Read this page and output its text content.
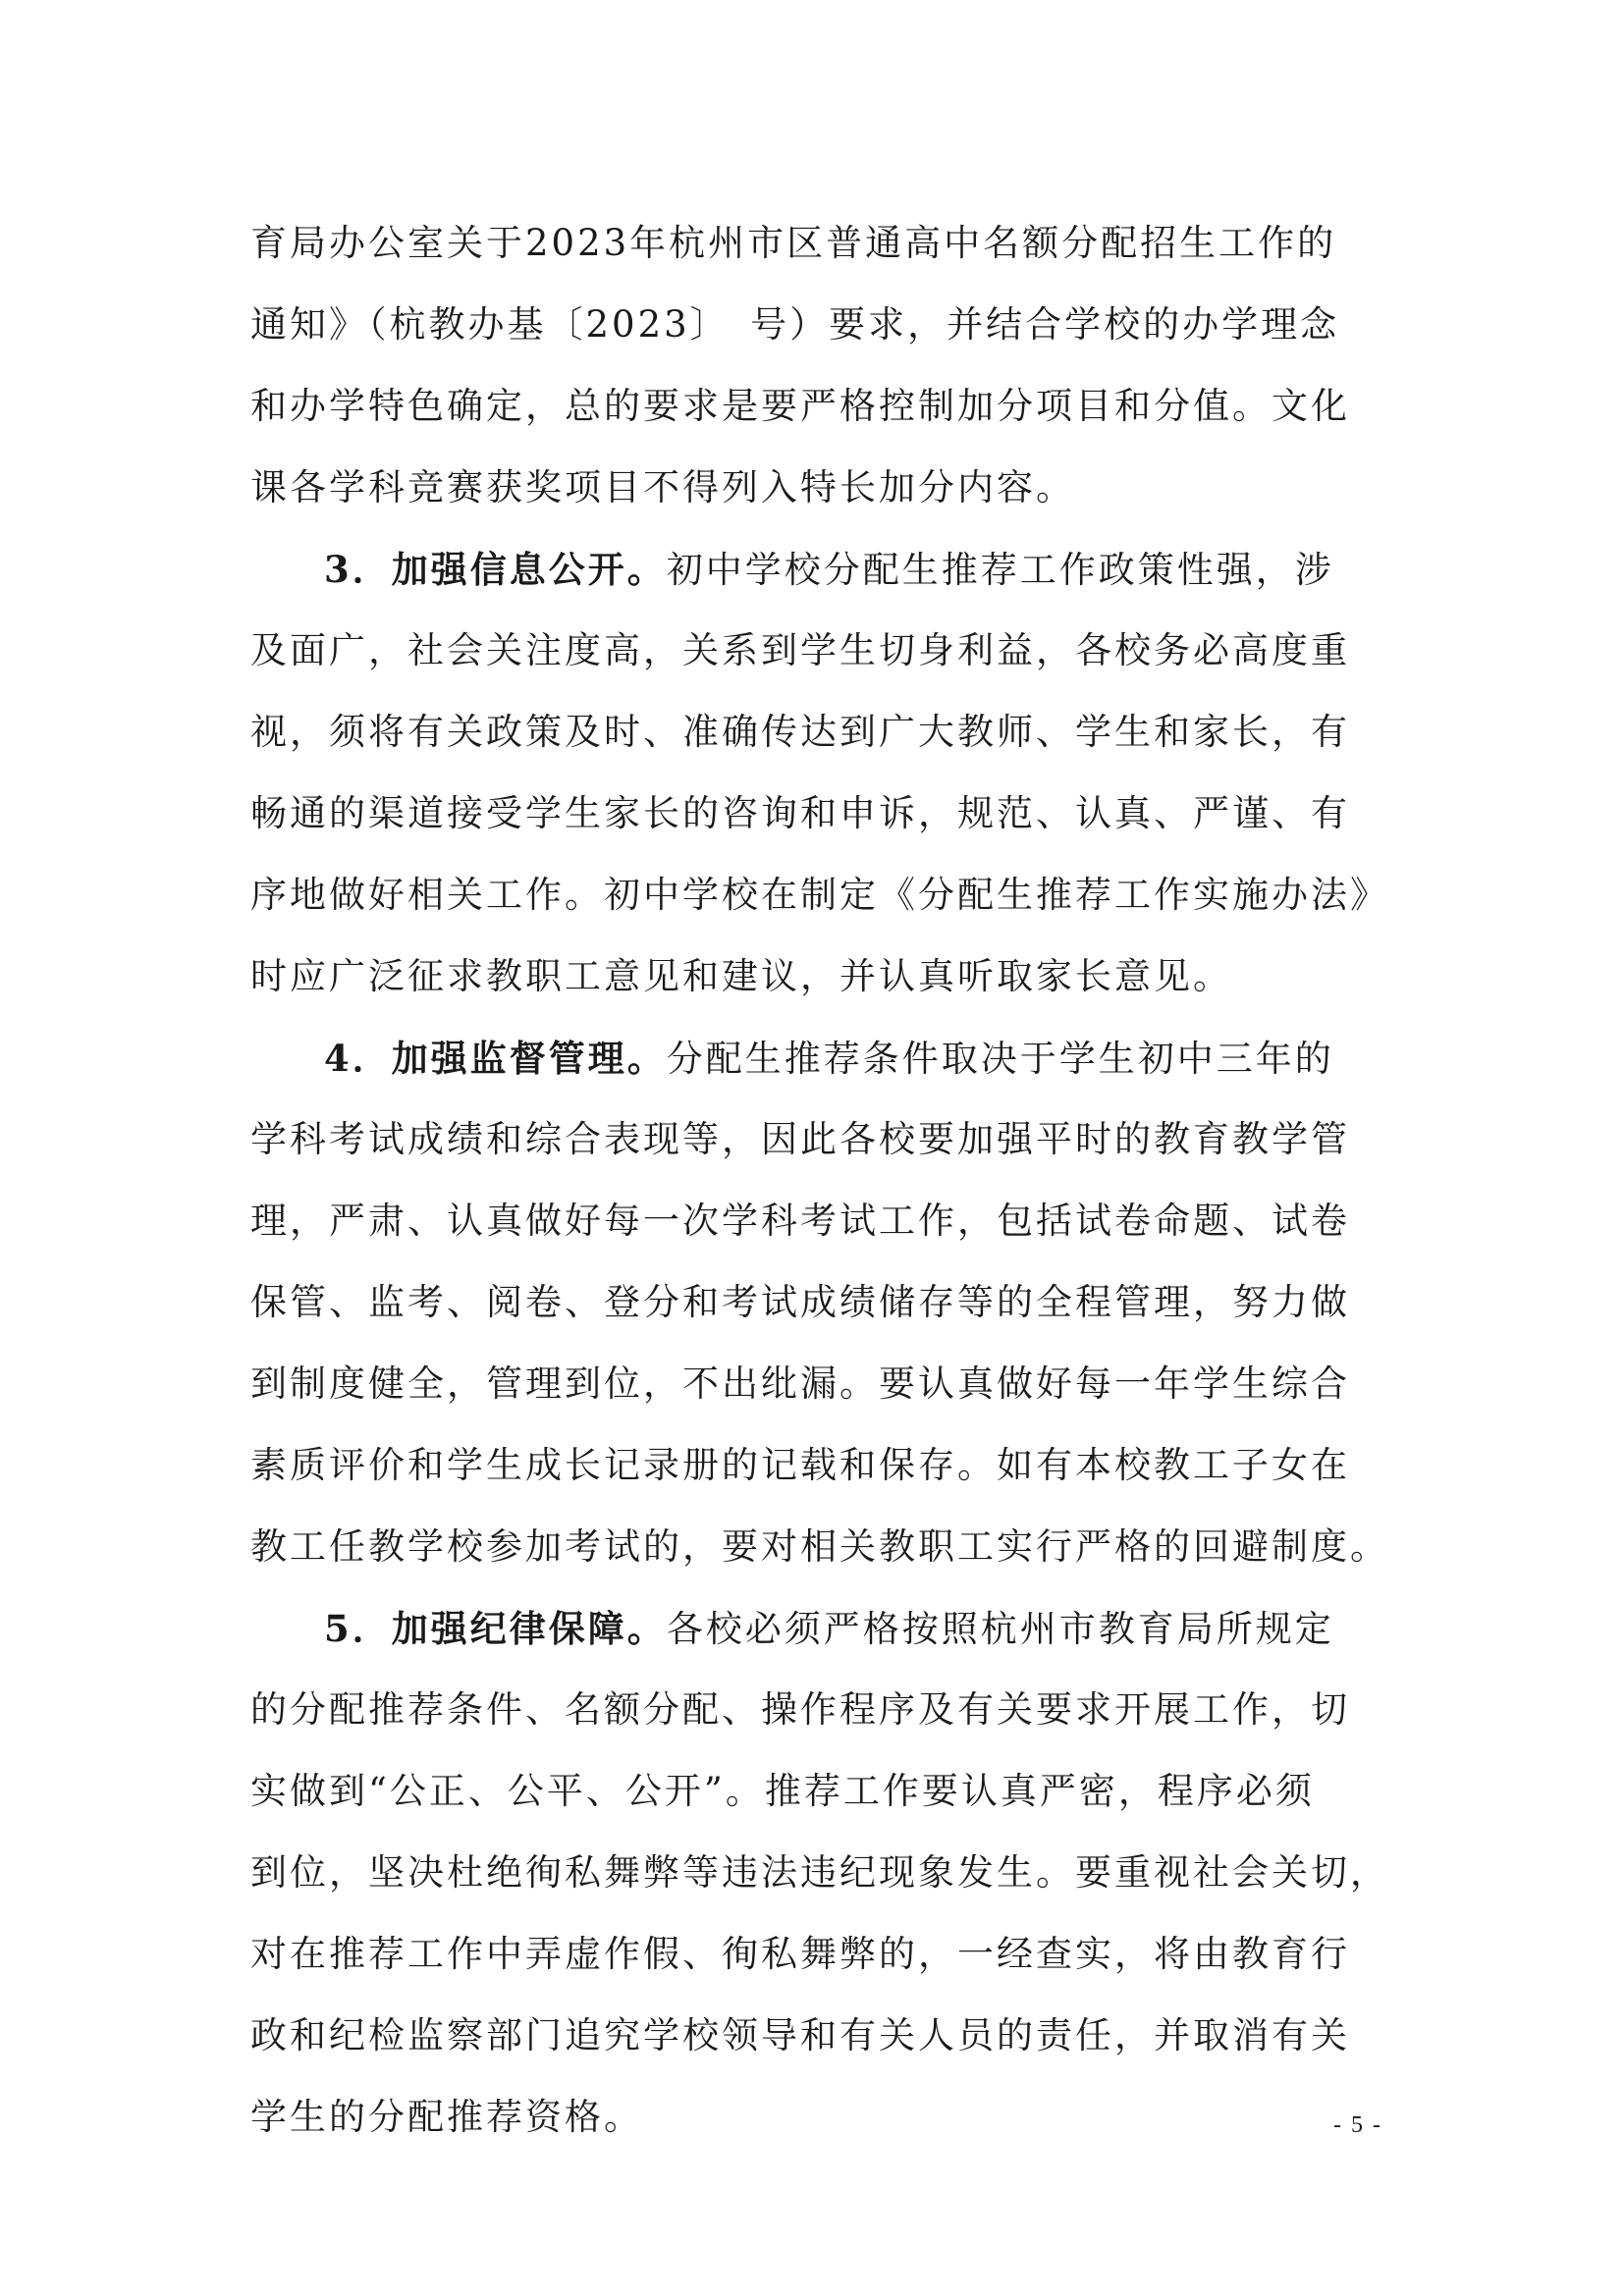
育局办公室关于2023年杭州市区普通高中名额分配招生工作的
通知》（杭教办基〔2023〕　号）要求，并结合学校的办学理念
和办学特色确定，总的要求是要严格控制加分项目和分值。文化
课各学科竞赛获奖项目不得列入特长加分内容。
3．加强信息公开。初中学校分配生推荐工作政策性强，涉
及面广，社会关注度高，关系到学生切身利益，各校务必高度重
视，须将有关政策及时、准确传达到广大教师、学生和家长，有
畅通的渠道接受学生家长的咨询和申诉，规范、认真、严谨、有
序地做好相关工作。初中学校在制定《分配生推荐工作实施办法》
时应广泛征求教职工意见和建议，并认真听取家长意见。
4．加强监督管理。分配生推荐条件取决于学生初中三年的
学科考试成绩和综合表现等，因此各校要加强平时的教育教学管
理，严肃、认真做好每一次学科考试工作，包括试卷命题、试卷
保管、监考、阅卷、登分和考试成绩储存等的全程管理，努力做
到制度健全，管理到位，不出纰漏。要认真做好每一年学生综合
素质评价和学生成长记录册的记载和保存。如有本校教工子女在
教工任教学校参加考试的，要对相关教职工实行严格的回避制度。
5．加强纪律保障。各校必须严格按照杭州市教育局所规定
的分配推荐条件、名额分配、操作程序及有关要求开展工作，切
实做到“公正、公平、公开”。推荐工作要认真严密，程序必须
到位，坚决杜绝徇私舞弊等违法违纪现象发生。要重视社会关切，
对在推荐工作中弄虚作假、徇私舞弊的，一经查实，将由教育行
政和纪检监察部门追究学校领导和有关人员的责任，并取消有关
学生的分配推荐资格。	- 5 -
